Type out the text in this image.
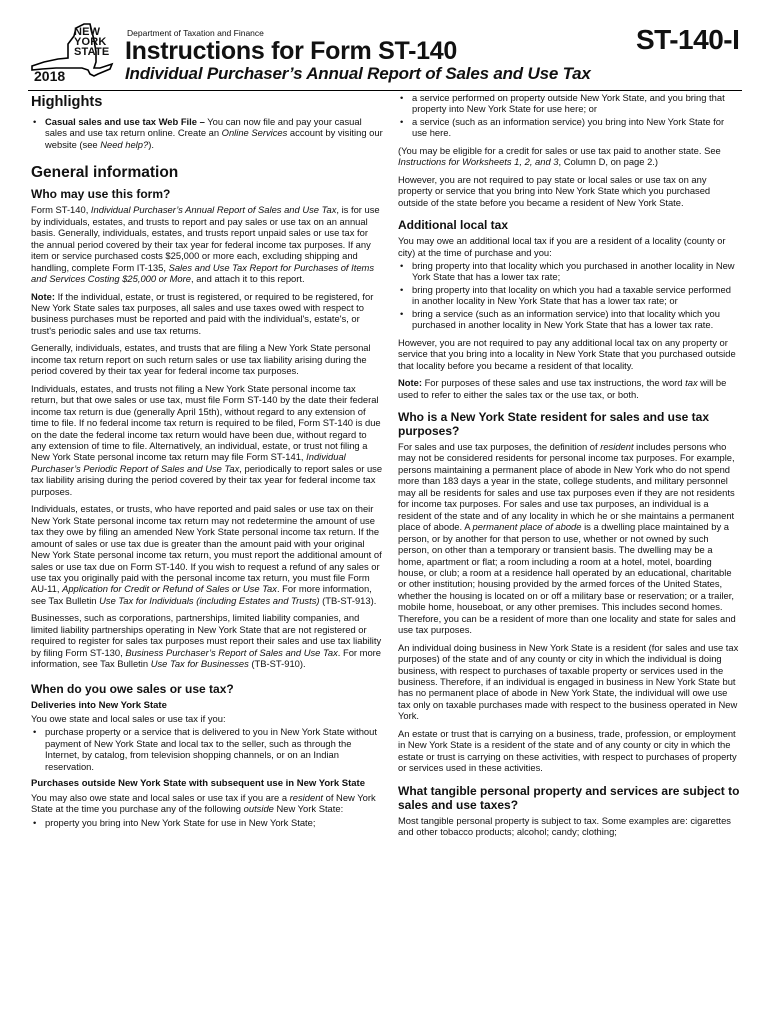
NEW
YORK
STATE
2018
Department of Taxation and Finance
Instructions for Form ST-140
Individual Purchaser’s Annual Report of Sales and Use Tax
ST-140-I
Highlights
• Casual sales and use tax Web File – You can now file and pay your casual sales and use tax return online. Create an Online Services account by visiting our website (see Need help?).
General information
Who may use this form?

Form ST-140, Individual Purchaser’s Annual Report of Sales and Use Tax, is for use by individuals, estates, and trusts to report and pay sales or use tax on an annual basis. Generally, individuals, estates, and trusts report unpaid sales or use tax for the annual period covered by their tax year for federal income tax purposes. If any item or service purchased costs $25,000 or more each, excluding shipping and handling, complete Form IT-135, Sales and Use Tax Report for Purchases of Items and Services Costing $25,000 or More, and attach it to this report.

Note: If the individual, estate, or trust is registered, or required to be registered, for New York State sales tax purposes, all sales and use taxes owed with respect to business purchases must be reported and paid with the individual's, estate's, or trust's periodic sales and use tax returns.

Generally, individuals, estates, and trusts that are filing a New York State personal income tax return report on such return sales or use tax liability arising during the period covered by their tax year for federal income tax purposes.

Individuals, estates, and trusts not filing a New York State personal income tax return, but that owe sales or use tax, must file Form ST-140 by the date their federal income tax return is due (generally April 15th), without regard to any extension of time to file. If no federal income tax return is required to be filed, Form ST-140 is due on the date the federal income tax return would have been due, without regard to any extension of time to file. Alternatively, an individual, estate, or trust not filing a New York State personal income tax return may file Form ST-141, Individual Purchaser’s Periodic Report of Sales and Use Tax, periodically to report sales or use tax liability arising during the period covered by their tax year for federal income tax purposes.

Individuals, estates, or trusts, who have reported and paid sales or use tax on their New York State personal income tax return may not redetermine the amount of use tax they owe by filing an amended New York State personal income tax return. If the amount of sales or use tax due is greater than the amount paid with your original New York State personal income tax return, you must report the additional amount of sales or use tax due on Form ST-140. If you wish to request a refund of any sales or use tax you originally paid with the personal income tax return, you must file Form AU-11, Application for Credit or Refund of Sales or Use Tax. For more information, see Tax Bulletin Use Tax for Individuals (including Estates and Trusts) (TB-ST-913).

Businesses, such as corporations, partnerships, limited liability companies, and limited liability partnerships operating in New York State that are not registered or required to register for sales tax purposes must report their sales and use tax liability by filing Form ST-130, Business Purchaser’s Report of Sales and Use Tax. For more information, see Tax Bulletin Use Tax for Businesses (TB-ST-910).

When do you owe sales or use tax?
Deliveries into New York State

You owe state and local sales or use tax if you:

• purchase property or a service that is delivered to you in New York State without payment of New York State and local tax to the seller, such as through the Internet, by catalog, from television shopping channels, or on an Indian reservation.
Purchases outside New York State with subsequent use in New York State

You may also owe state and local sales or use tax if you are a resident of New York State at the time you purchase any of the following outside New York State:

• property you bring into New York State for use in New York State;
• a service performed on property outside New York State, and you bring that property into New York State for use here; or
• a service (such as an information service) you bring into New York State for use here.

(You may be eligible for a credit for sales or use tax paid to another state. See Instructions for Worksheets 1, 2, and 3, Column D, on page 2.)

However, you are not required to pay state or local sales or use tax on any property or service that you bring into New York State which you purchased outside of the state before you became a resident of New York State.

Additional local tax

You may owe an additional local tax if you are a resident of a locality (county or city) at the time of purchase and you:

• bring property into that locality which you purchased in another locality in New York State that has a lower tax rate;
• bring property into that locality on which you had a taxable service performed in another locality in New York State that has a lower tax rate; or
• bring a service (such as an information service) into that locality which you purchased in another locality in New York State that has a lower tax rate.

However, you are not required to pay any additional local tax on any property or service that you bring into a locality in New York State that you purchased outside that locality before you became a resident of that locality.

Note: For purposes of these sales and use tax instructions, the word tax will be used to refer to either the sales tax or the use tax, or both.

Who is a New York State resident for sales and use tax purposes?

For sales and use tax purposes, the definition of resident includes persons who may not be considered residents for personal income tax purposes. For example, persons maintaining a permanent place of abode in New York who do not spend more than 183 days a year in the state, college students, and military personnel may all be residents for sales and use tax purposes even if they are not residents for income tax purposes. For sales and use tax purposes, an individual is a resident of the state and of any locality in which he or she maintains a permanent place of abode. A permanent place of abode is a dwelling place maintained by a person, or by another for that person to use, whether or not owned by such person, on other than a temporary or transient basis. The dwelling may be a home, apartment or flat; a room including a room at a hotel, motel, boarding house, or club; a room at a residence hall operated by an educational, charitable or other institution; housing provided by the armed forces of the United States, whether the housing is located on or off a military base or reservation; or a trailer, mobile home, houseboat, or any other premises. This includes second homes. Therefore, you can be a resident of more than one locality and state for sales and use tax purposes.

An individual doing business in New York State is a resident (for sales and use tax purposes) of the state and of any county or city in which the individual is doing business, with respect to purchases of taxable property or services used in the business. Therefore, if an individual is engaged in business in New York State but has no permanent place of abode in New York State, the individual will owe use tax only on taxable purchases made with respect to the business operated in New York.

An estate or trust that is carrying on a business, trade, profession, or employment in New York State is a resident of the state and of any county or city in which the estate or trust is carrying on these activities, with respect to purchases of property or services used in these activities.

What tangible personal property and services are subject to sales and use taxes?

Most tangible personal property is subject to tax. Some examples are: cigarettes and other tobacco products; alcohol; candy; clothing;
